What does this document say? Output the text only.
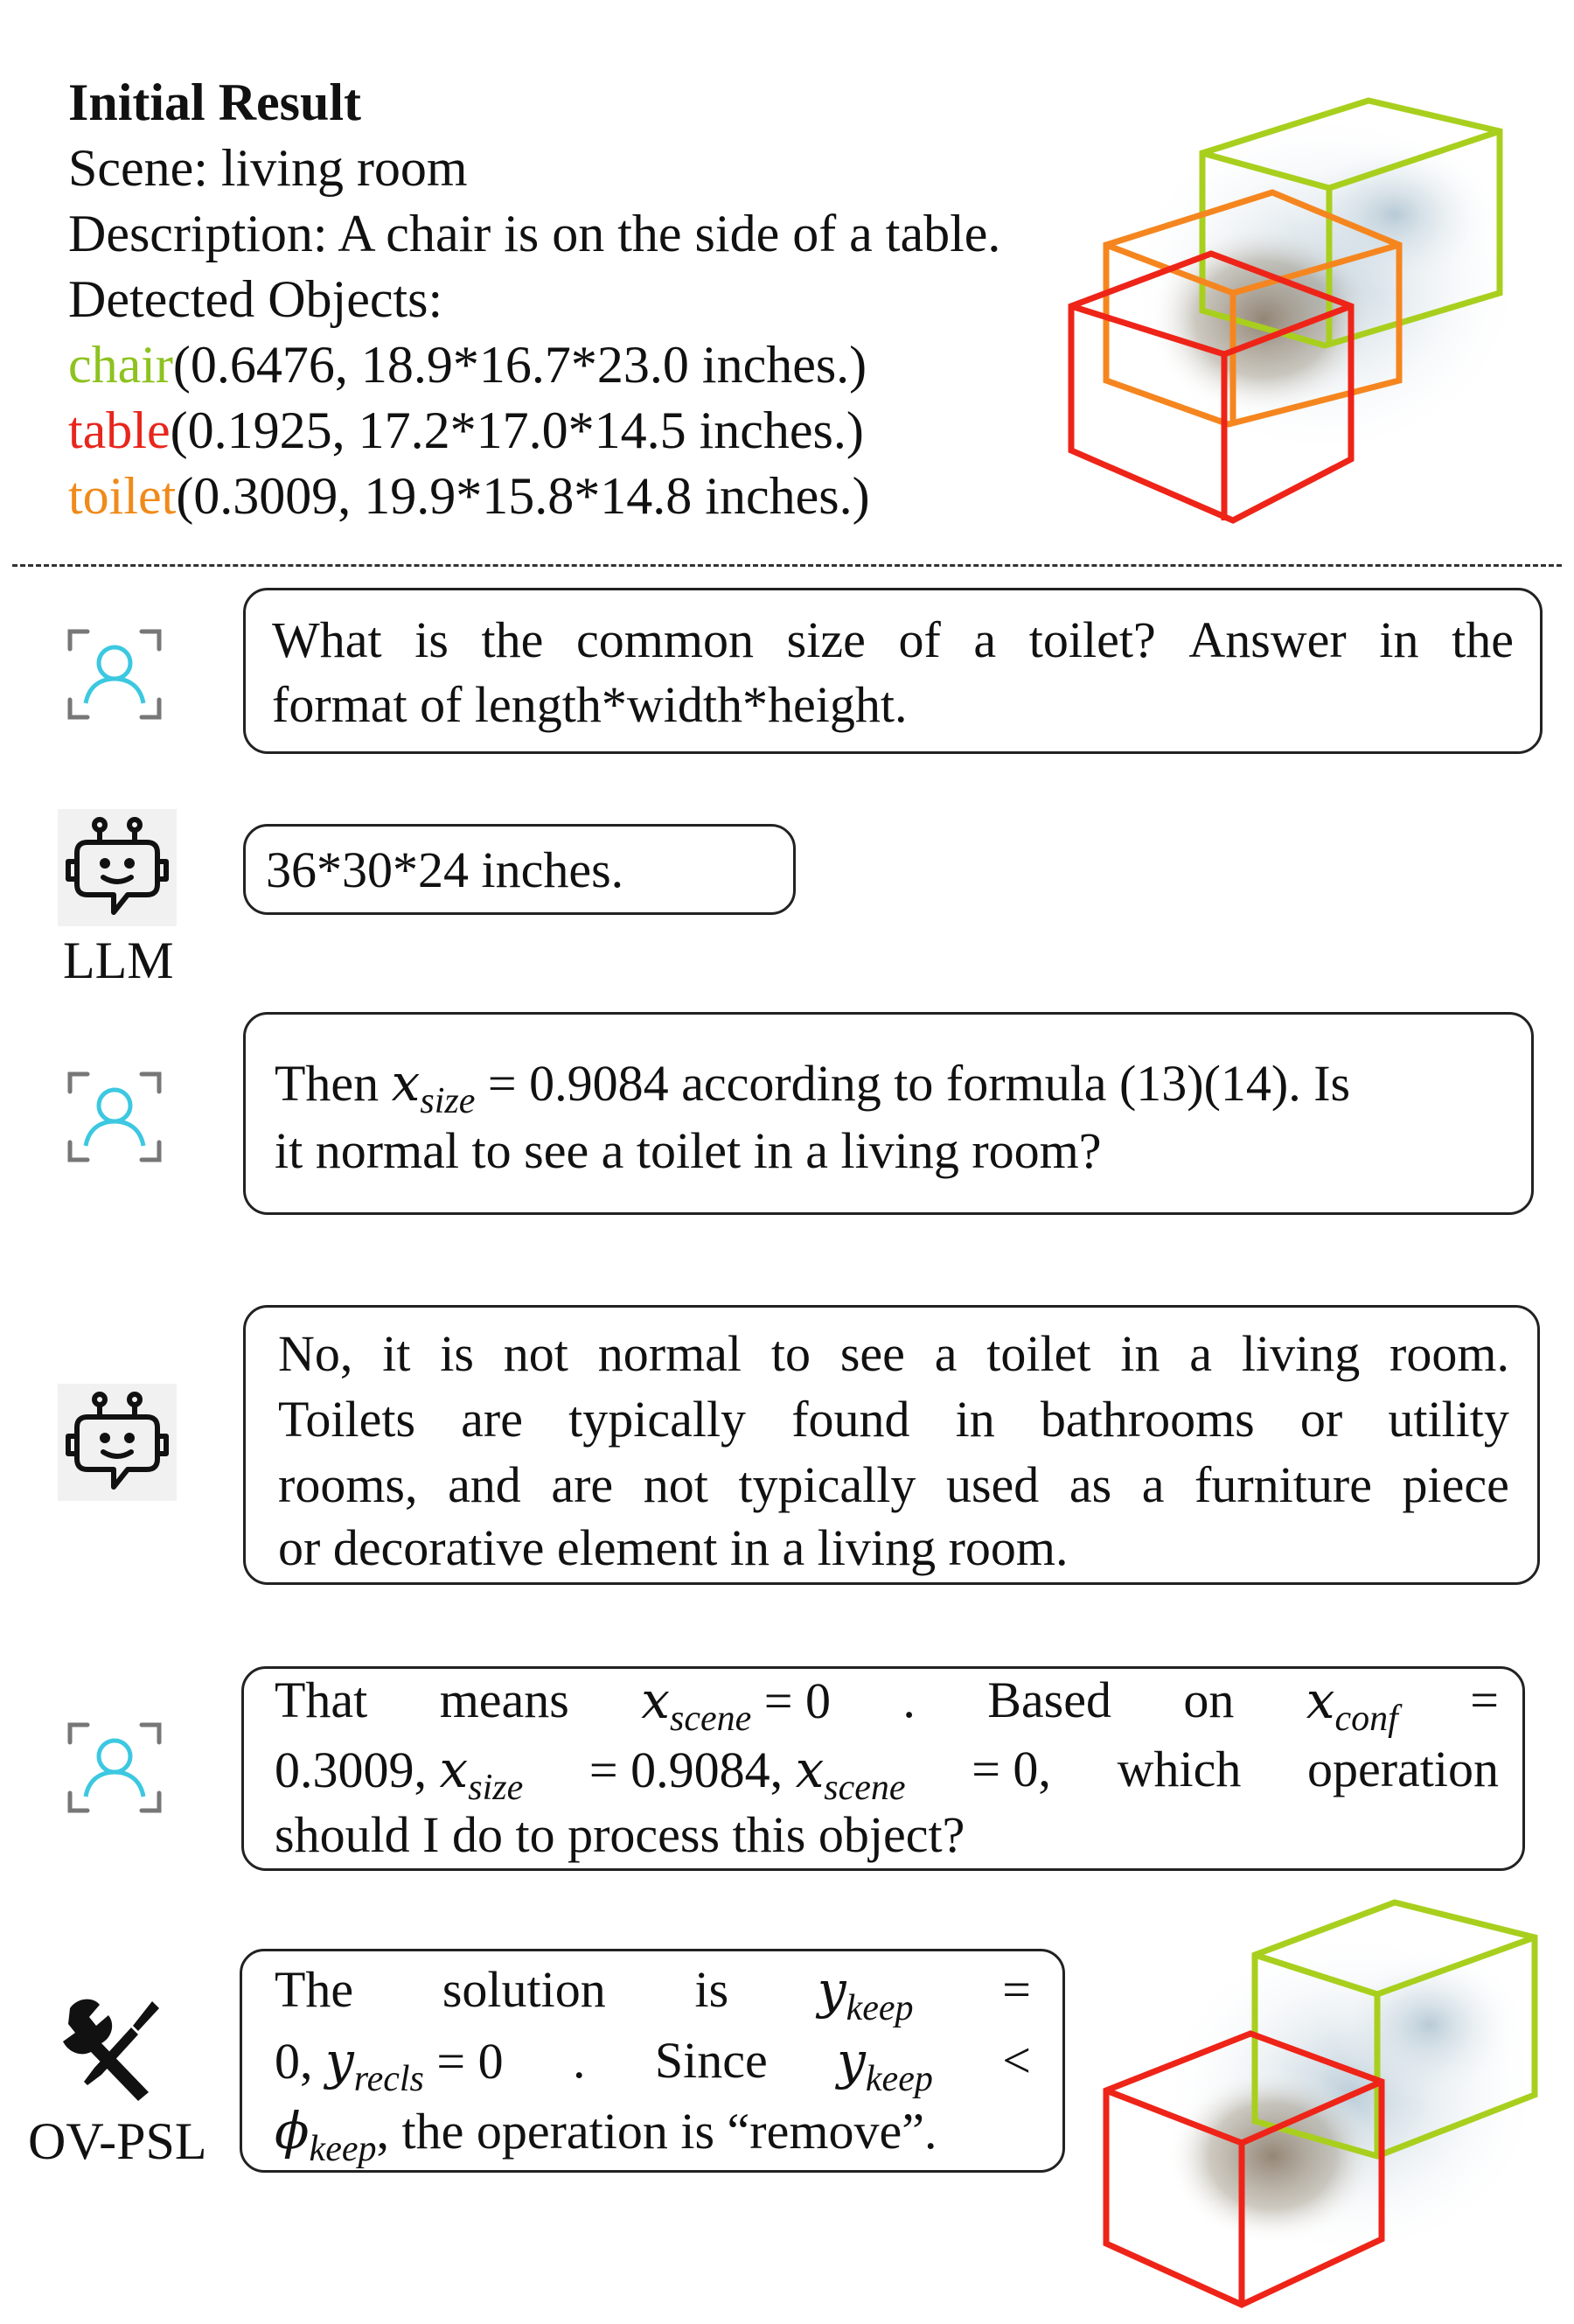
Initial Result
Scene: living room
Description: A chair is on the side of a table.
Detected Objects:
chair(0.6476, 18.9*16.7*23.0 inches.)
table(0.1925, 17.2*17.0*14.5 inches.)
toilet(0.3009, 19.9*15.8*14.8 inches.)
What is the common size of a toilet? Answer in the
format of length*width*height.
LLM
36*30*24 inches.
Then $x_{size} = 0.9084$ according to formula (13)(14). Is
it normal to see a toilet in a living room?
No, it is not normal to see a toilet in a living room.
Toilets are typically found in bathrooms or utility
rooms, and are not typically used as a furniture piece
or decorative element in a living room.
That means $x_{scene} = 0$ . Based on $x_{conf}$ =
0.3009, $x_{size} = 0.9084$, $x_{scene} = 0$, which operation
should I do to process this object?
OV-PSL
The solution is $y_{keep}$ =
0, $y_{recls} = 0$ . Since $y_{keep}$ <
$\phi_{keep}$, the operation is “remove”.
